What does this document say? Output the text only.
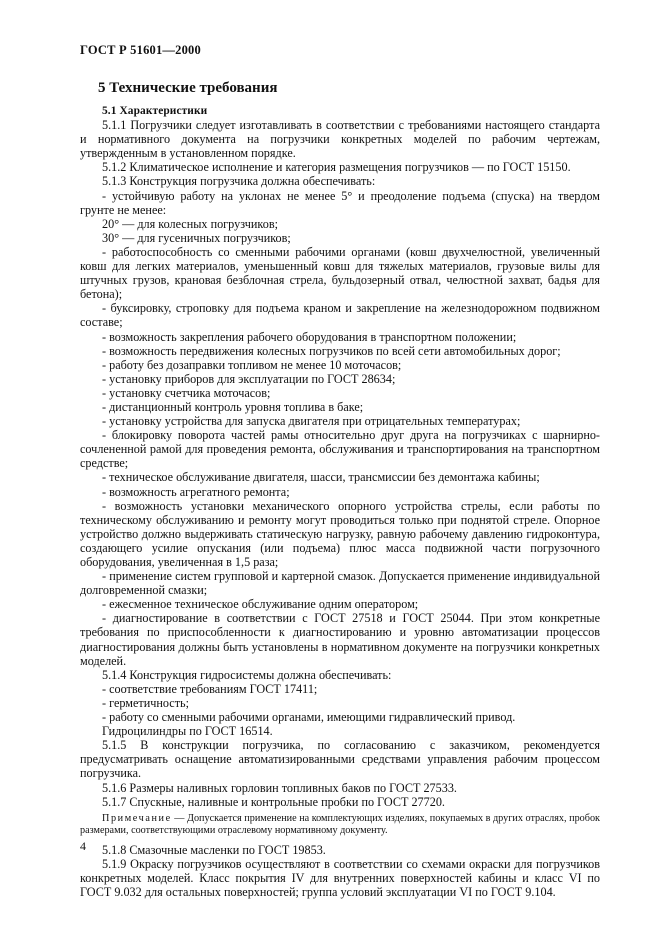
ГОСТ Р 51601—2000
5 Технические требования

5.1 Характеристики

5.1.1 Погрузчики следует изготавливать в соответствии с требованиями настоящего стандарта и нормативного документа на погрузчики конкретных моделей по рабочим чертежам, утвержденным в установленном порядке.

5.1.2 Климатическое исполнение и категория размещения погрузчиков — по ГОСТ 15150.

5.1.3 Конструкция погрузчика должна обеспечивать:

- устойчивую работу на уклонах не менее 5° и преодоление подъема (спуска) на твердом грунте не менее:

20° — для колесных погрузчиков;

30° — для гусеничных погрузчиков;

- работоспособность со сменными рабочими органами (ковш двухчелюстной, увеличенный ковш для легких материалов, уменьшенный ковш для тяжелых материалов, грузовые вилы для штучных грузов, крановая безблочная стрела, бульдозерный отвал, челюстной захват, бадья для бетона);

- буксировку, строповку для подъема краном и закрепление на железнодорожном подвижном составе;

- возможность закрепления рабочего оборудования в транспортном положении;

- возможность передвижения колесных погрузчиков по всей сети автомобильных дорог;

- работу без дозаправки топливом не менее 10 моточасов;

- установку приборов для эксплуатации по ГОСТ 28634;

- установку счетчика моточасов;

- дистанционный контроль уровня топлива в баке;

- установку устройства для запуска двигателя при отрицательных температурах;

- блокировку поворота частей рамы относительно друг друга на погрузчиках с шарнирно-сочлененной рамой для проведения ремонта, обслуживания и транспортирования на транспортном средстве;

- техническое обслуживание двигателя, шасси, трансмиссии без демонтажа кабины;

- возможность агрегатного ремонта;

- возможность установки механического опорного устройства стрелы, если работы по техническому обслуживанию и ремонту могут проводиться только при поднятой стреле. Опорное устройство должно выдерживать статическую нагрузку, равную рабочему давлению гидроконтура, создающего усилие опускания (или подъема) плюс масса подвижной части погрузочного оборудования, увеличенная в 1,5 раза;

- применение систем групповой и картерной смазок. Допускается применение индивидуальной долговременной смазки;

- ежесменное техническое обслуживание одним оператором;

- диагностирование в соответствии с ГОСТ 27518 и ГОСТ 25044. При этом конкретные требования по приспособленности к диагностированию и уровню автоматизации процессов диагностирования должны быть установлены в нормативном документе на погрузчики конкретных моделей.

5.1.4 Конструкция гидросистемы должна обеспечивать:

- соответствие требованиям ГОСТ 17411;

- герметичность;

- работу со сменными рабочими органами, имеющими гидравлический привод.

Гидроцилиндры по ГОСТ 16514.

5.1.5 В конструкции погрузчика, по согласованию с заказчиком, рекомендуется предусматривать оснащение автоматизированными средствами управления рабочим процессом погрузчика.

5.1.6 Размеры наливных горловин топливных баков по ГОСТ 27533.

5.1.7 Спускные, наливные и контрольные пробки по ГОСТ 27720.

Примечание — Допускается применение на комплектующих изделиях, покупаемых в других отраслях, пробок размерами, соответствующими отраслевому нормативному документу.

5.1.8 Смазочные масленки по ГОСТ 19853.

5.1.9 Окраску погрузчиков осуществляют в соответствии со схемами окраски для погрузчиков конкретных моделей. Класс покрытия IV для внутренних поверхностей кабины и класс VI по ГОСТ 9.032 для остальных поверхностей; группа условий эксплуатации VI по ГОСТ 9.104.

4
